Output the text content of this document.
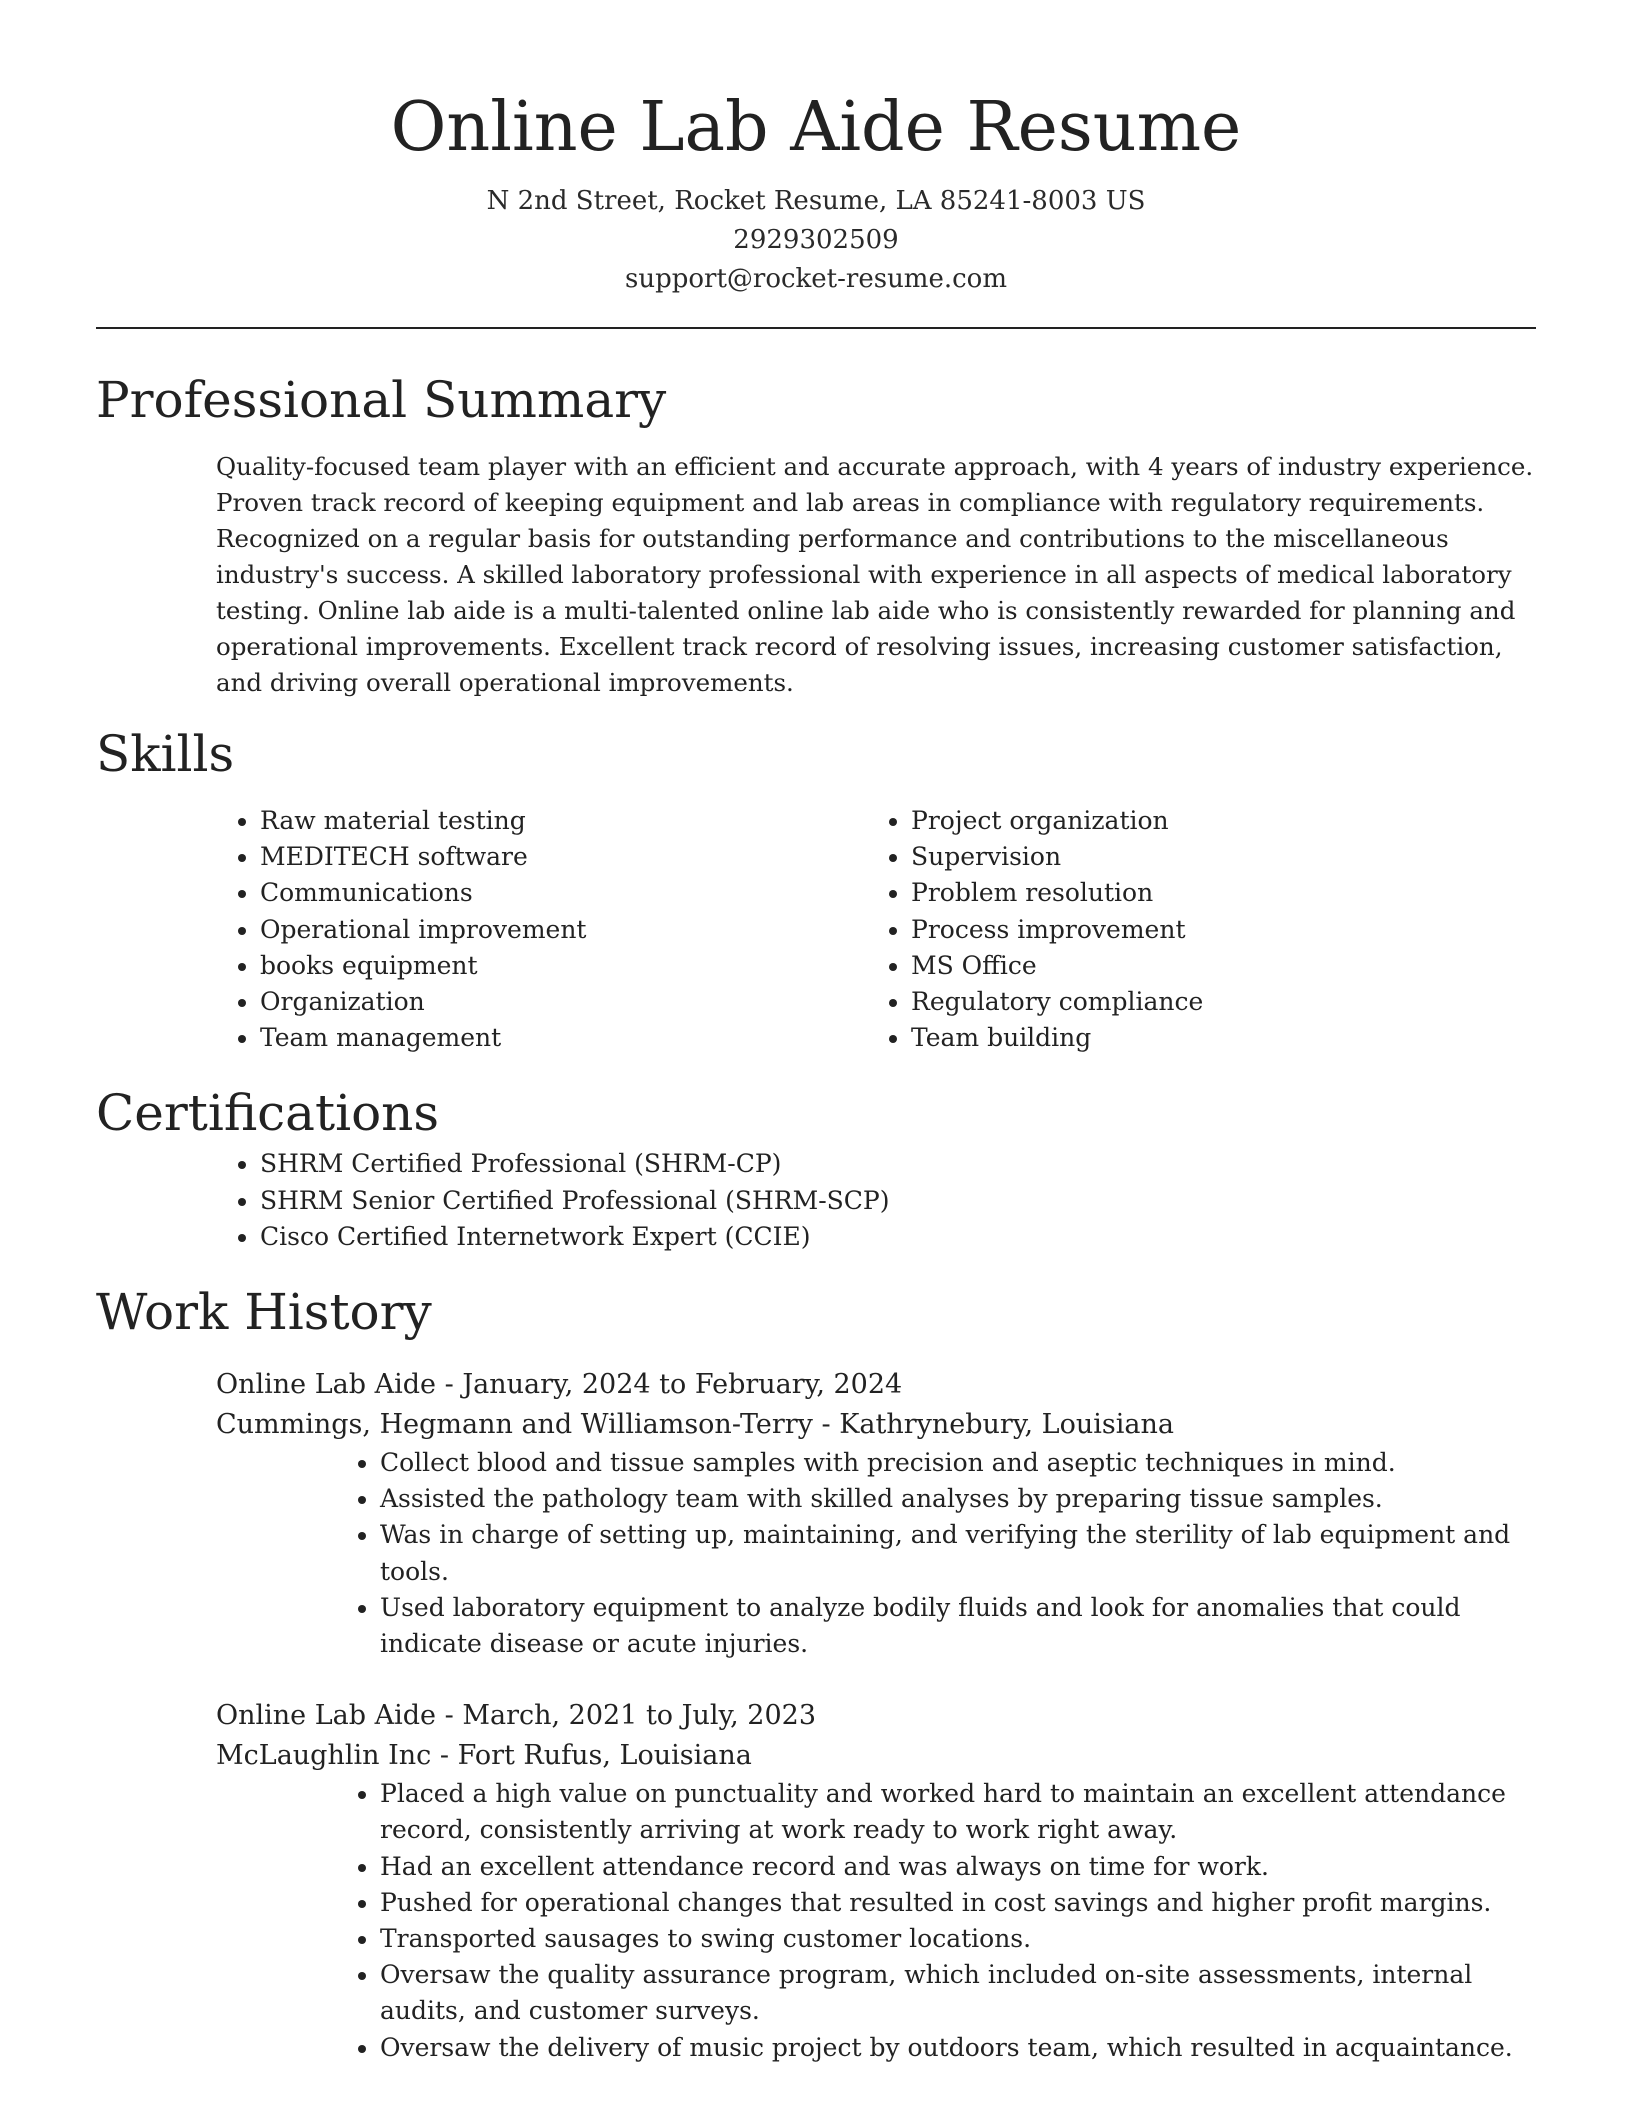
Online Lab Aide Resume
N 2nd Street, Rocket Resume, LA 85241-8003 US
2929302509
support@rocket-resume.com
Professional Summary

Quality-focused team player with an efficient and accurate approach, with 4 years of industry experience. Proven track record of keeping equipment and lab areas in compliance with regulatory requirements. Recognized on a regular basis for outstanding performance and contributions to the miscellaneous industry's success. A skilled laboratory professional with experience in all aspects of medical laboratory testing. Online lab aide is a multi-talented online lab aide who is consistently rewarded for planning and operational improvements. Excellent track record of resolving issues, increasing customer satisfaction, and driving overall operational improvements.

Skills
• Raw material testing
• MEDITECH software
• Communications
• Operational improvement
• books equipment
• Organization
• Team management
• Project organization
• Supervision
• Problem resolution
• Process improvement
• MS Office
• Regulatory compliance
• Team building
Certifications
• SHRM Certified Professional (SHRM-CP)
• SHRM Senior Certified Professional (SHRM-SCP)
• Cisco Certified Internetwork Expert (CCIE)
Work History
Online Lab Aide - January, 2024 to February, 2024
Cummings, Hegmann and Williamson-Terry - Kathrynebury, Louisiana
• Collect blood and tissue samples with precision and aseptic techniques in mind.
• Assisted the pathology team with skilled analyses by preparing tissue samples.
• Was in charge of setting up, maintaining, and verifying the sterility of lab equipment and tools.
• Used laboratory equipment to analyze bodily fluids and look for anomalies that could indicate disease or acute injuries.
Online Lab Aide - March, 2021 to July, 2023
McLaughlin Inc - Fort Rufus, Louisiana
• Placed a high value on punctuality and worked hard to maintain an excellent attendance record, consistently arriving at work ready to work right away.
• Had an excellent attendance record and was always on time for work.
• Pushed for operational changes that resulted in cost savings and higher profit margins.
• Transported sausages to swing customer locations.
• Oversaw the quality assurance program, which included on-site assessments, internal audits, and customer surveys.
• Oversaw the delivery of music project by outdoors team, which resulted in acquaintance.
